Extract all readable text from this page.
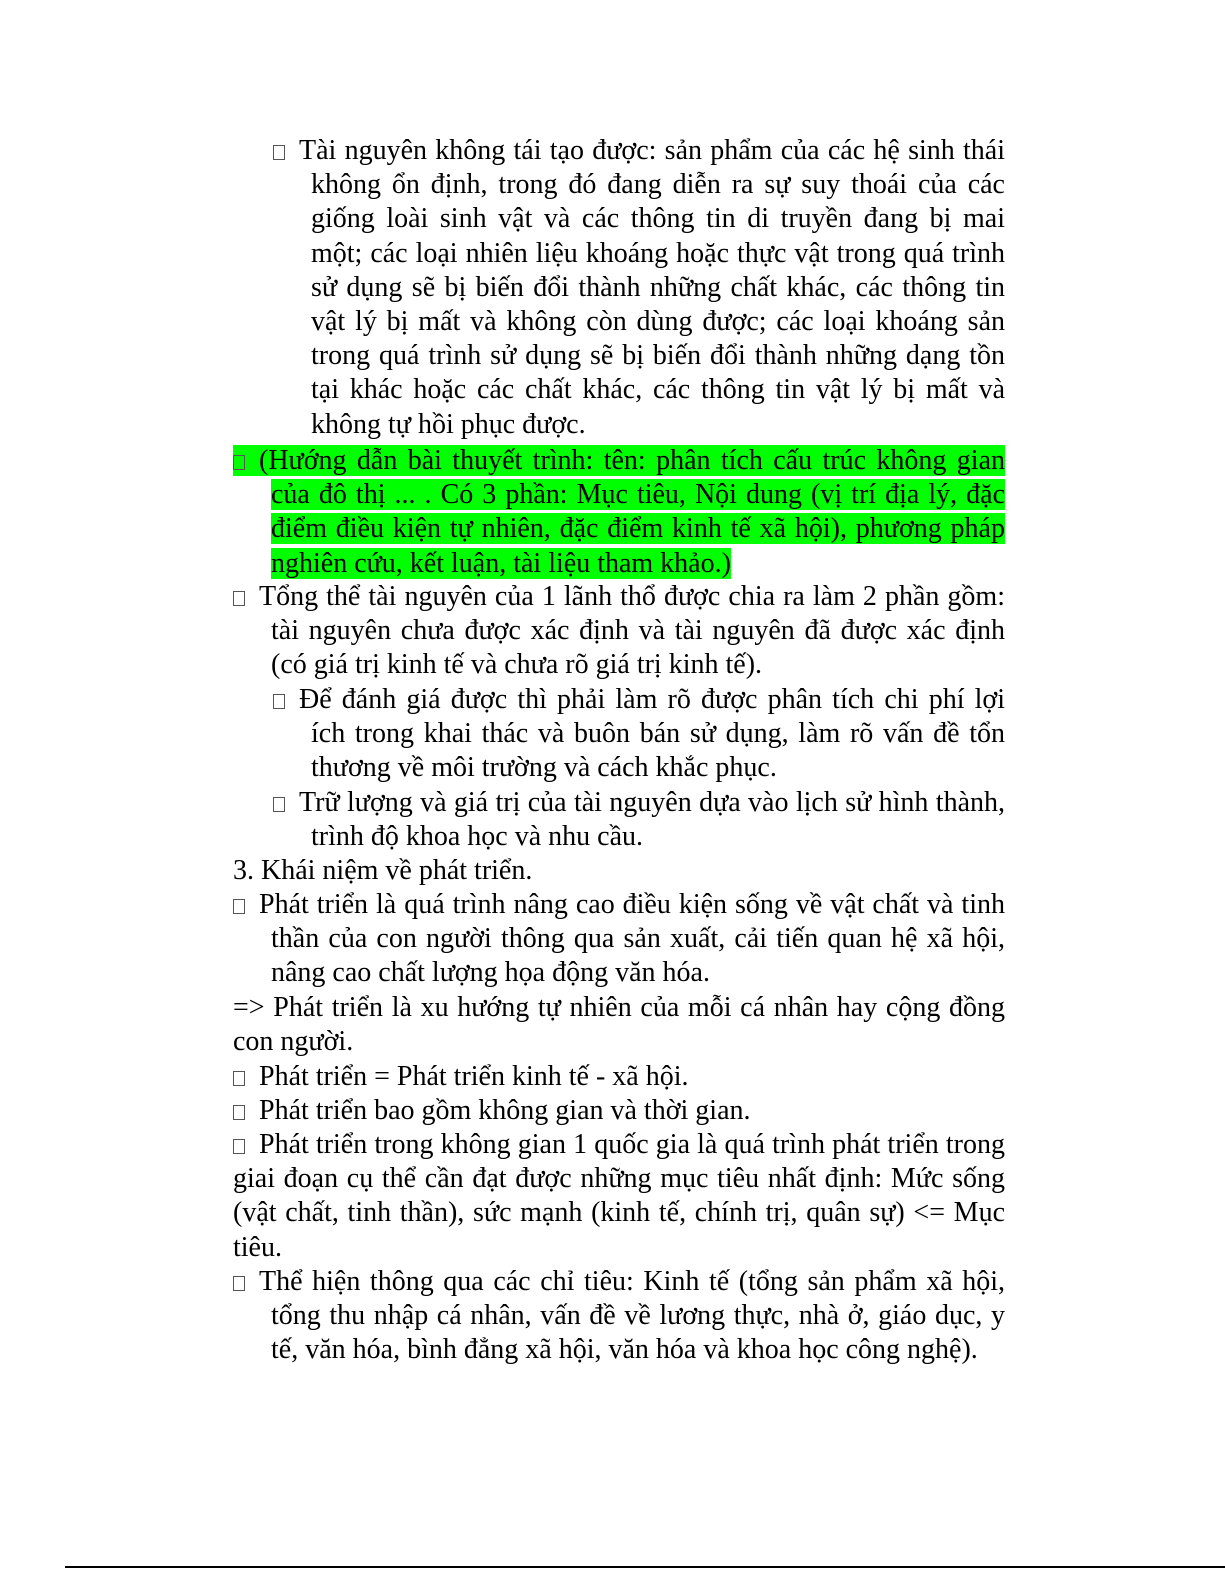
Tài nguyên không tái tạo được: sản phẩm của các hệ sinh thái không ổn định, trong đó đang diễn ra sự suy thoái của các giống loài sinh vật và các thông tin di truyền đang bị mai một; các loại nhiên liệu khoáng hoặc thực vật trong quá trình sử dụng sẽ bị biến đổi thành những chất khác, các thông tin vật lý bị mất và không còn dùng được; các loại khoáng sản trong quá trình sử dụng sẽ bị biến đổi thành những dạng tồn tại khác hoặc các chất khác, các thông tin vật lý bị mất và không tự hồi phục được.

(Hướng dẫn bài thuyết trình: tên: phân tích cấu trúc không gian của đô thị ... . Có 3 phần: Mục tiêu, Nội dung (vị trí địa lý, đặc điểm điều kiện tự nhiên, đặc điểm kinh tế xã hội), phương pháp nghiên cứu, kết luận, tài liệu tham khảo.)

Tổng thể tài nguyên của 1 lãnh thổ được chia ra làm 2 phần gồm: tài nguyên chưa được xác định và tài nguyên đã được xác định (có giá trị kinh tế và chưa rõ giá trị kinh tế).

Để đánh giá được thì phải làm rõ được phân tích chi phí lợi ích trong khai thác và buôn bán sử dụng, làm rõ vấn đề tổn thương về môi trường và cách khắc phục.

Trữ lượng và giá trị của tài nguyên dựa vào lịch sử hình thành, trình độ khoa học và nhu cầu.

3. Khái niệm về phát triển.

Phát triển là quá trình nâng cao điều kiện sống về vật chất và tinh thần của con người thông qua sản xuất, cải tiến quan hệ xã hội, nâng cao chất lượng họa động văn hóa.

=> Phát triển là xu hướng tự nhiên của mỗi cá nhân hay cộng đồng con người.

Phát triển = Phát triển kinh tế - xã hội.

Phát triển bao gồm không gian và thời gian.

Phát triển trong không gian 1 quốc gia là quá trình phát triển trong giai đoạn cụ thể cần đạt được những mục tiêu nhất định: Mức sống (vật chất, tinh thần), sức mạnh (kinh tế, chính trị, quân sự) <= Mục tiêu.

Thể hiện thông qua các chỉ tiêu: Kinh tế (tổng sản phẩm xã hội, tổng thu nhập cá nhân, vấn đề về lương thực, nhà ở, giáo dục, y tế, văn hóa, bình đẳng xã hội, văn hóa và khoa học công nghệ).
